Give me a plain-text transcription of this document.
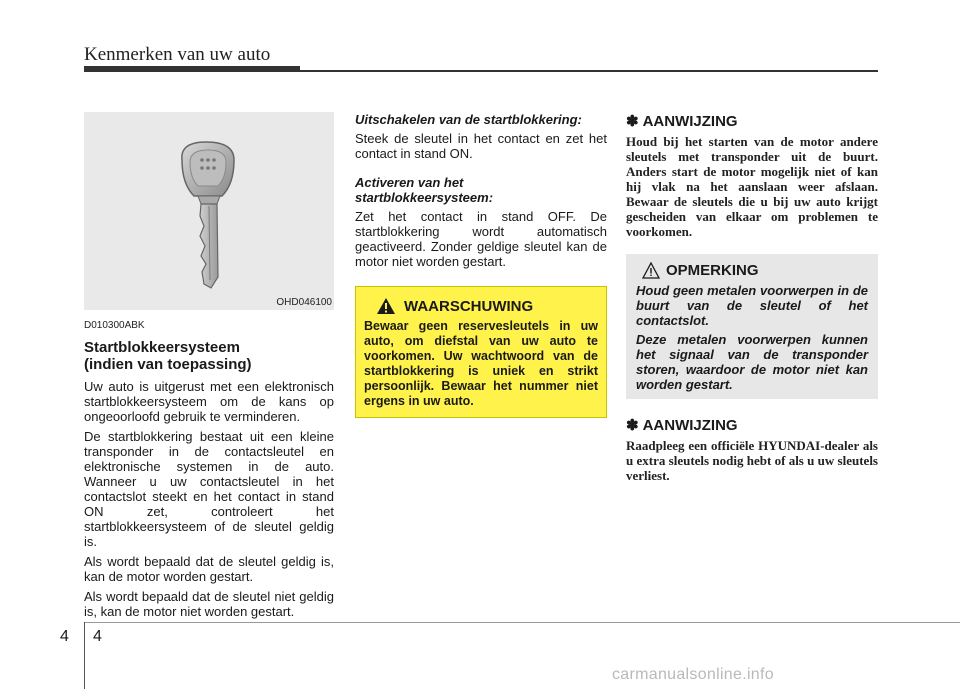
Kenmerken van uw auto
OHD046100
D010300ABK
Startblokkeersysteem
(indien van toepassing)

Uw auto is uitgerust met een elektronisch startblokkeersysteem om de kans op ongeoorloofd gebruik te verminderen.

De startblokkering bestaat uit een kleine transponder in de contactsleutel en elektronische systemen in de auto. Wanneer u uw contactsleutel in het contactslot steekt en het contact in stand ON zet, controleert het startblokkeersysteem of de sleutel geldig is.

Als wordt bepaald dat de sleutel geldig is, kan de motor worden gestart.

Als wordt bepaald dat de sleutel niet geldig is, kan de motor niet worden gestart.

Uitschakelen van de startblokkering:

Steek de sleutel in het contact en zet het contact in stand ON.

Activeren van het
startblokkeersysteem:

Zet het contact in stand OFF. De startblokkering wordt automatisch geactiveerd. Zonder geldige sleutel kan de motor niet worden gestart.

WAARSCHUWING
Bewaar geen reservesleutels in uw auto, om diefstal van uw auto te voorkomen. Uw wachtwoord van de startblokkering is uniek en strikt persoonlijk. Bewaar het nummer niet ergens in uw auto.
✽ AANWIJZING
Houd bij het starten van de motor andere sleutels met transponder uit de buurt. Anders start de motor mogelijk niet of kan hij vlak na het aanslaan weer afslaan. Bewaar de sleutels die u bij uw auto krijgt gescheiden van elkaar om problemen te voorkomen.
OPMERKING

Houd geen metalen voorwerpen in de buurt van de sleutel of het contactslot.

Deze metalen voorwerpen kunnen het signaal van de transponder storen, waardoor de motor niet kan worden gestart.

✽ AANWIJZING
Raadpleeg een officiële HYUNDAI-dealer als u extra sleutels nodig hebt of als u uw sleutels verliest.
4 4
carmanualsonline.info
